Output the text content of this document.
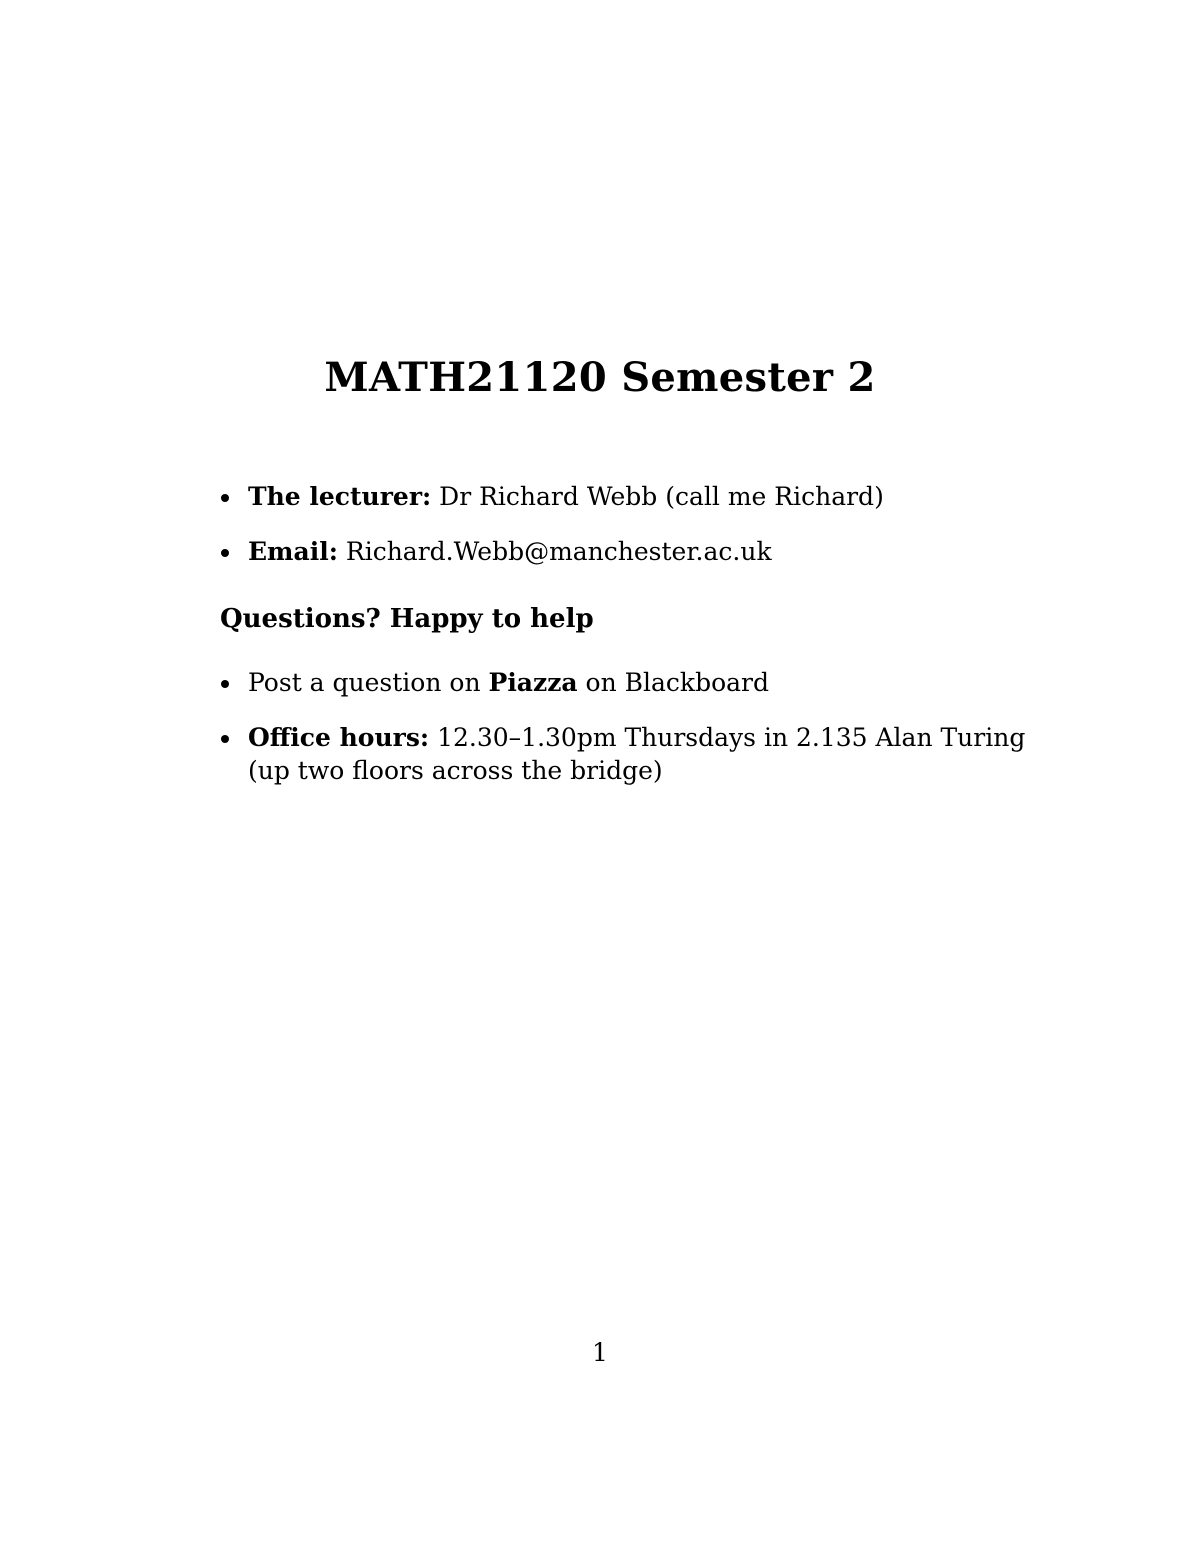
MATH21120 Semester 2
The lecturer: Dr Richard Webb (call me Richard)
Email: Richard.Webb@manchester.ac.uk
Questions? Happy to help
Post a question on Piazza on Blackboard
Office hours: 12.30–1.30pm Thursdays in 2.135 Alan Turing (up two floors across the bridge)
1
